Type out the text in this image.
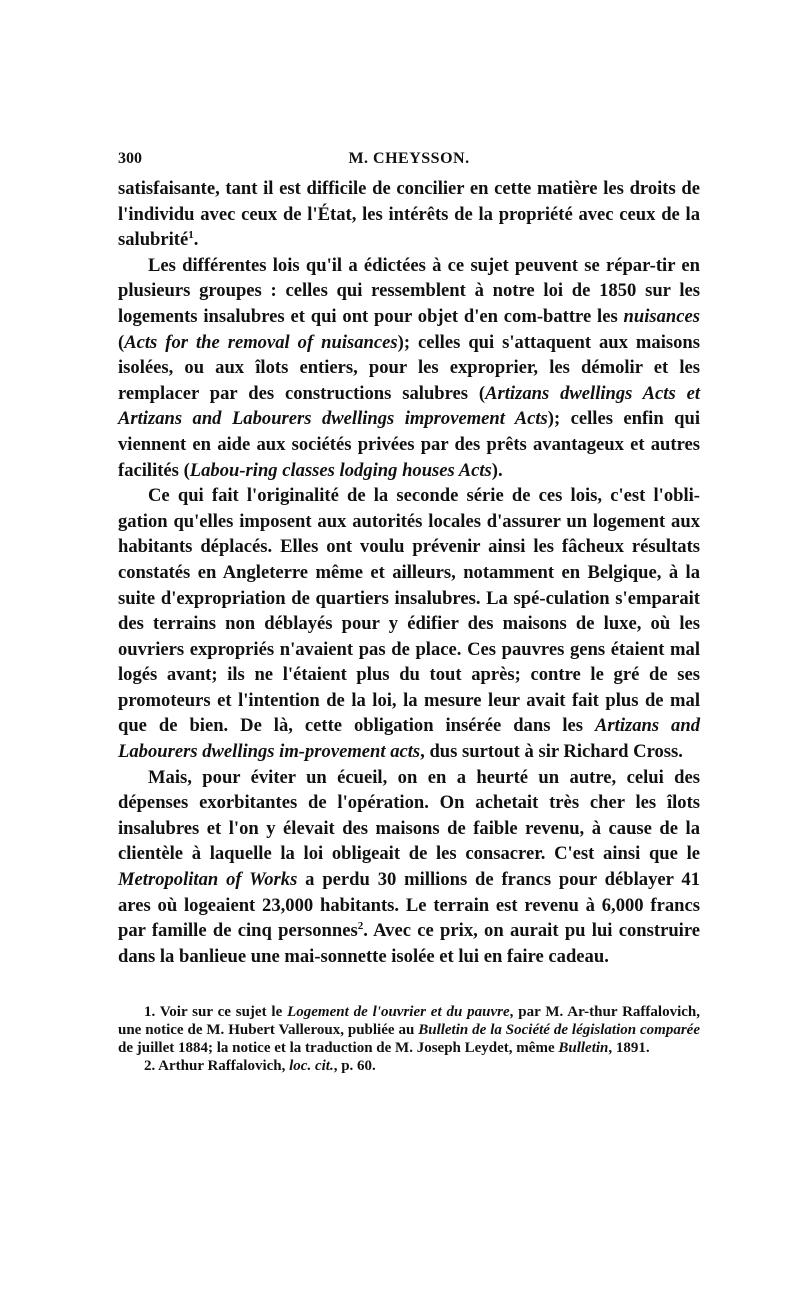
300	M. CHEYSSON.

satisfaisante, tant il est difficile de concilier en cette matière les droits de l'individu avec ceux de l'État, les intérêts de la propriété avec ceux de la salubrité$^1$.

Les différentes lois qu'il a édictées à ce sujet peuvent se répar-tir en plusieurs groupes : celles qui ressemblent à notre loi de 1850 sur les logements insalubres et qui ont pour objet d'en com-battre les nuisances (Acts for the removal of nuisances); celles qui s'attaquent aux maisons isolées, ou aux îlots entiers, pour les exproprier, les démolir et les remplacer par des constructions salubres (Artizans dwellings Acts et Artizans and Labourers dwellings improvement Acts); celles enfin qui viennent en aide aux sociétés privées par des prêts avantageux et autres facilités (Labou-ring classes lodging houses Acts).

Ce qui fait l'originalité de la seconde série de ces lois, c'est l'obli-gation qu'elles imposent aux autorités locales d'assurer un logement aux habitants déplacés. Elles ont voulu prévenir ainsi les fâcheux résultats constatés en Angleterre même et ailleurs, notamment en Belgique, à la suite d'expropriation de quartiers insalubres. La spé-culation s'emparait des terrains non déblayés pour y édifier des maisons de luxe, où les ouvriers expropriés n'avaient pas de place. Ces pauvres gens étaient mal logés avant; ils ne l'étaient plus du tout après; contre le gré de ses promoteurs et l'intention de la loi, la mesure leur avait fait plus de mal que de bien. De là, cette obligation insérée dans les Artizans and Labourers dwellings im-provement acts, dus surtout à sir Richard Cross.

Mais, pour éviter un écueil, on en a heurté un autre, celui des dépenses exorbitantes de l'opération. On achetait très cher les îlots insalubres et l'on y élevait des maisons de faible revenu, à cause de la clientèle à laquelle la loi obligeait de les consacrer. C'est ainsi que le Metropolitan of Works a perdu 30 millions de francs pour déblayer 41 ares où logeaient 23,000 habitants. Le terrain est revenu à 6,000 francs par famille de cinq personnes$^2$. Avec ce prix, on aurait pu lui construire dans la banlieue une mai-sonnette isolée et lui en faire cadeau.

1. Voir sur ce sujet le Logement de l'ouvrier et du pauvre, par M. Ar-thur Raffalovich, une notice de M. Hubert Valleroux, publiée au Bulletin de la Société de législation comparée de juillet 1884; la notice et la traduction de M. Joseph Leydet, même Bulletin, 1891.

2. Arthur Raffalovich, loc. cit., p. 60.
